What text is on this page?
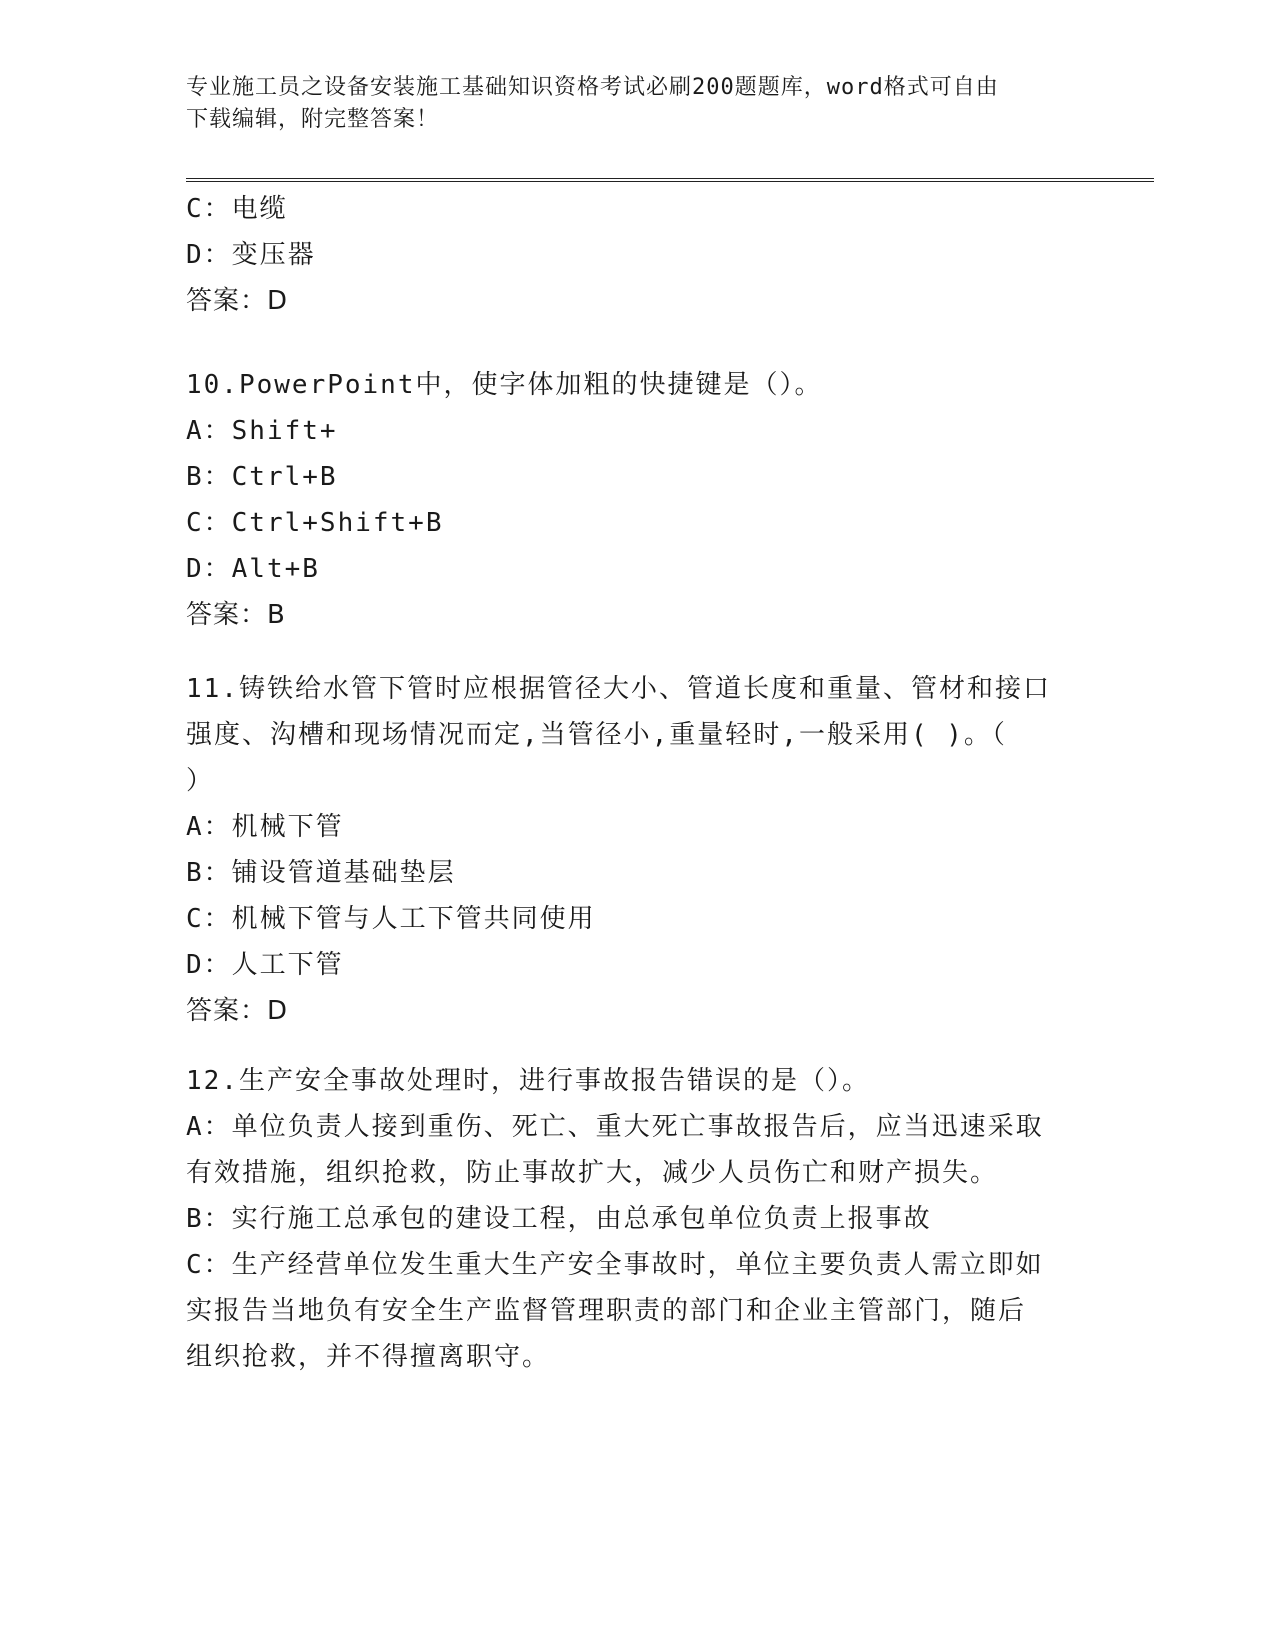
专业施工员之设备安装施工基础知识资格考试必刷200题题库，word格式可自由
下载编辑，附完整答案！
C：电缆
D：变压器
答案：D
10.PowerPoint中，使字体加粗的快捷键是（）。
A：Shift+
B：Ctrl+B
C：Ctrl+Shift+B
D：Alt+B
答案：B
11.铸铁给水管下管时应根据管径大小、管道长度和重量、管材和接口
强度、沟槽和现场情况而定,当管径小,重量轻时,一般采用( )。（
）
A：机械下管
B：铺设管道基础垫层
C：机械下管与人工下管共同使用
D：人工下管
答案：D
12.生产安全事故处理时，进行事故报告错误的是（）。
A：单位负责人接到重伤、死亡、重大死亡事故报告后，应当迅速采取
有效措施，组织抢救，防止事故扩大，减少人员伤亡和财产损失。
B：实行施工总承包的建设工程，由总承包单位负责上报事故
C：生产经营单位发生重大生产安全事故时，单位主要负责人需立即如
实报告当地负有安全生产监督管理职责的部门和企业主管部门，随后
组织抢救，并不得擅离职守。
